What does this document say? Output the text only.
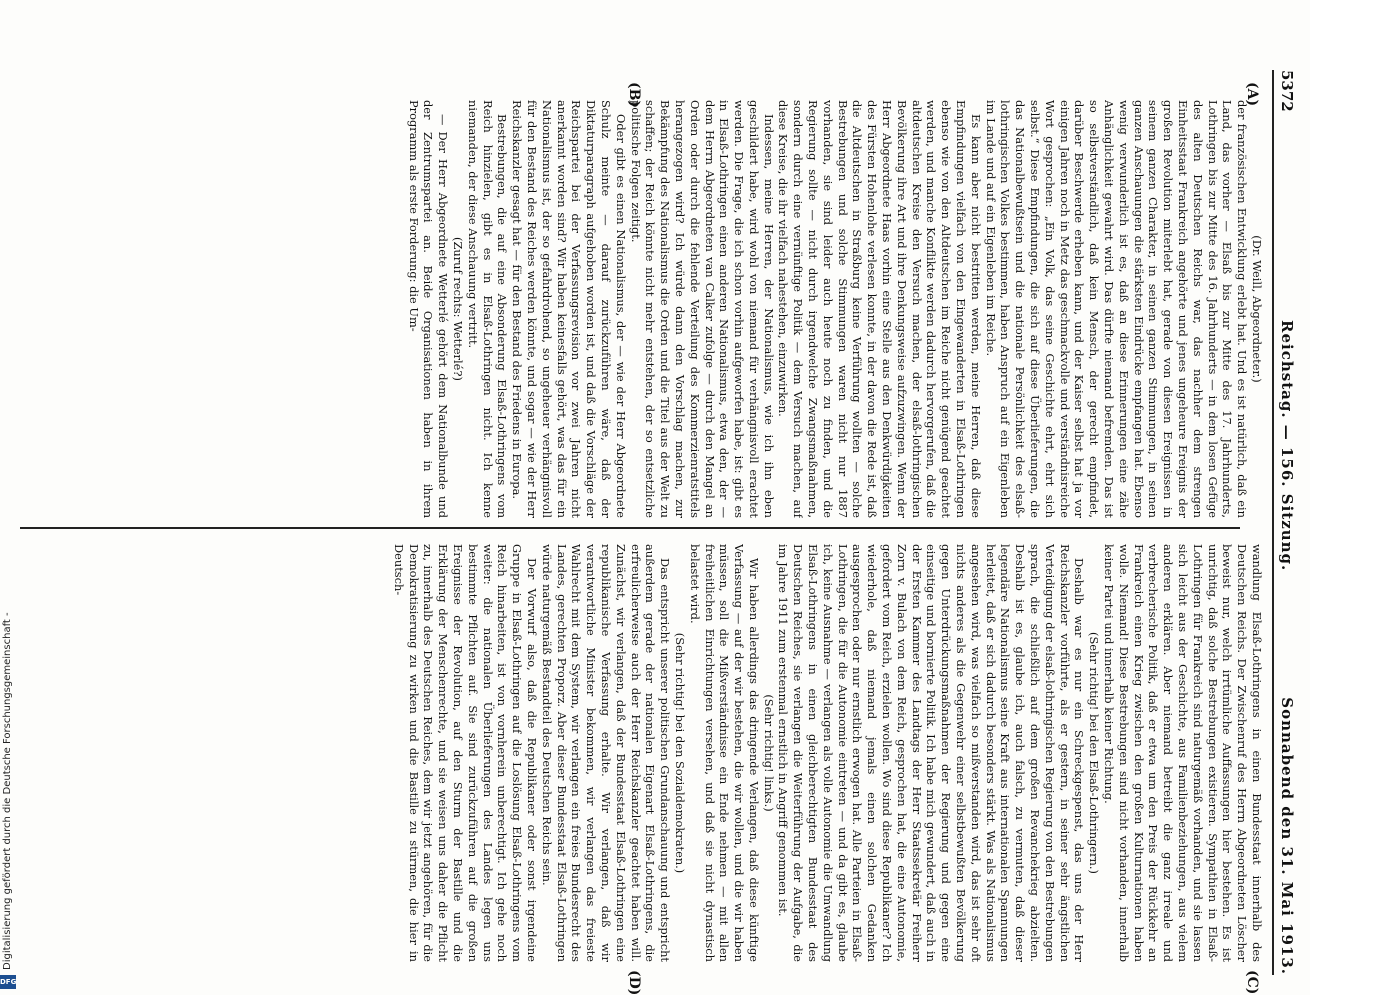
5372
Reichstag. — 156. Sitzung.
Sonnabend den 31. Mai 1913.
(A)
(B)
(C)
(D)

(Dr. Weill, Abgeordneter.)

der französischen Entwicklung erlebt hat. Und es ist natürlich, daß ein Land, das vorher — Elsaß bis zur Mitte des 17. Jahrhunderts, Lothringen bis zur Mitte des 16. Jahrhunderts — in dem losen Gefüge des alten Deutschen Reichs war, das nachher dem strengen Einheitsstaat Frankreich angehörte und jenes ungeheure Ereignis der großen Revolution miterlebt hat, gerade von diesen Ereignissen in seinem ganzen Charakter, in seinen ganzen Stimmungen, in seinen ganzen Anschauungen die stärksten Eindrücke empfangen hat. Ebenso wenig verwunderlich ist es, daß an diese Erinnerungen eine zähe Anhänglichkeit gewahrt wird. Das dürfte niemand befremden. Das ist so selbstverständlich, daß kein Mensch, der gerecht empfindet, darüber Beschwerde erheben kann, und der Kaiser selbst hat ja vor einigen Jahren noch in Metz das geschmackvolle und verständnisreiche Wort gesprochen: „Ein Volk, das seine Geschichte ehrt, ehrt sich selbst.“ Diese Empfindungen, die sich auf diese Überlieferungen, die das Nationalbewußtsein und die nationale Persönlichkeit des elsaß-lothringischen Volkes bestimmen, haben Anspruch auf ein Eigenleben im Lande und auf ein Eigenleben im Reiche.

Es kann aber nicht bestritten werden, meine Herren, daß diese Empfindungen vielfach von den Eingewanderten in Elsaß-Lothringen ebenso wie von den Altdeutschen im Reiche nicht genügend geachtet werden, und manche Konflikte werden dadurch hervorgerufen, daß die altdeutschen Kreise den Versuch machen, der elsaß-lothringischen Bevölkerung ihre Art und ihre Denkungsweise aufzuzwingen. Wenn der Herr Abgeordnete Haas vorhin eine Stelle aus den Denkwürdigkeiten des Fürsten Hohenlohe verlesen konnte, in der davon die Rede ist, daß die Altdeutschen in Straßburg keine Verführung wollten — solche Bestrebungen und solche Stimmungen waren nicht nur 1887 vorhanden, sie sind leider auch heute noch zu finden, und die Regierung sollte — nicht durch irgendwelche Zwangsmaßnahmen, sondern durch eine vernünftige Politik — dem Versuch machen, auf diese Kreise, die ihr vielfach nahestehen, einzuwirken.

Indessen, meine Herren, der Nationalismus, wie ich ihn eben geschildert habe, wird wohl von niemand für verhängnisvoll erachtet werden. Die Frage, die ich schon vorhin aufgeworfen habe, ist: gibt es in Elsaß-Lothringen einen anderen Nationalismus, etwa den, der — dem Herrn Abgeordneten van Calker zufolge — durch den Mangel an Orden oder durch die fehlende Verteilung des Kommerzienratstitels herangezogen wird? Ich würde dann den Vorschlag machen, zur Bekämpfung des Nationalismus die Orden und die Titel aus der Welt zu schaffen; der Reich könnte nicht mehr entstehen, der so entsetzliche politische Folgen zeitigt.

Oder gibt es einen Nationalismus, der — wie der Herr Abgeordnete Schulz meinte — darauf zurückzuführen wäre, daß der Diktaturparagraph aufgehoben worden ist, und daß die Vorschläge der Reichspartei bei der Verfassungsrevision vor zwei Jahren nicht anerkannt worden sind? Wir haben keinesfalls gehört, was das für ein Nationalismus ist, der so gefahrdrohend, so ungeheuer verhängnisvoll für den Bestand des Reiches werden könnte, und sogar — wie der Herr Reichskanzler gesagt hat — für den Bestand des Friedens in Europa.

Bestrebungen, die auf eine Absonderung Elsaß-Lothringens vom Reich hinzielen, gibt es in Elsaß-Lothringen nicht. Ich kenne niemanden, der diese Anschauung vertritt.

(Zuruf rechts: Wetterlé?)

— Der Herr Abgeordnete Wetterlé gehört dem Nationalbunde und der Zentrumspartei an. Beide Organisationen haben in ihrem Programm als erste Forderung: die Um-

wandlung Elsaß-Lothringens in einen Bundesstaat innerhalb des Deutschen Reichs. Der Zwischenruf des Herrn Abgeordneten Löscher beweist nur, welch irrtümliche Auffassungen hier bestehen. Es ist unrichtig, daß solche Bestrebungen existieren. Sympathien in Elsaß-Lothringen für Frankreich sind naturgemäß vorhanden, und sie lassen sich leicht aus der Geschichte, aus Familienbeziehungen, aus vielem anderen erklären. Aber niemand betreibt die ganz irreale und verbrecherische Politik, daß er etwa um den Preis der Rückkehr an Frankreich einen Krieg zwischen den großen Kulturnationen haben wolle. Niemand! Diese Bestrebungen sind nicht vorhanden, innerhalb keiner Partei und innerhalb keiner Richtung.

(Sehr richtig! bei den Elsaß-Lothringern.)

Deshalb war es nur ein Schreckgespenst, das uns der Herr Reichskanzler vorführte, als er gestern, in seiner sehr ängstlichen Verteidigung der elsaß-lothringischen Regierung von den Bestrebungen sprach, die schließlich auf dem großen Revanchekrieg abzielten. Deshalb ist es, glaube ich, auch falsch, zu vermuten, daß dieser legendäre Nationalismus seine Kraft aus internationalen Spannungen herleitet, daß er sich dadurch besonders stärkt. Was als Nationalismus angesehen wird, was vielfach so mißverstanden wird, das ist sehr oft nichts anderes als die Gegenwehr einer selbstbewußten Bevölkerung gegen Unterdrückungsmaßnahmen der Regierung und gegen eine einseitige und bornierte Politik. Ich habe mich gewundert, daß auch in der Ersten Kammer des Landtags der Herr Staatssekretär Freiherr Zorn v. Bulach von dem Reich, gesprochen hat, die eine Autonomie, gefordert vom Reich, erzielen wollen. Wo sind diese Republikaner? Ich wiederhole, daß niemand jemals einen solchen Gedanken ausgesprochen oder nur ernstlich erwogen hat. Alle Parteien in Elsaß-Lothringen, die für die Autonomie eintreten — und da gibt es, glaube ich, keine Ausnahme — verlangen als volle Autonomie die Umwandlung Elsaß-Lothringens in einen gleichberechtigten Bundesstaat des Deutschen Reiches, sie verlangen die Weiterführung der Aufgabe, die im Jahre 1911 zum erstenmal ernstlich in Angriff genommen ist.

(Sehr richtig! links.)

Wir haben allerdings das dringende Verlangen, daß diese künftige Verfassung — auf der wir bestehen, die wir wollen, und die wir haben müssen, soll die Mißverständnisse ein Ende nehmen — mit allen freiheitlichen Einrichtungen versehen, und daß sie nicht dynastisch belastet wird.

(Sehr richtig! bei den Sozialdemokraten.)

Das entspricht unserer politischen Grundanschauung und entspricht außerdem gerade der nationalen Eigenart Elsaß-Lothringens, die erfreulicherweise auch der Herr Reichskanzler geachtet haben will. Zunächst, wir verlangen, daß der Bundesstaat Elsaß-Lothringen eine republikanische Verfassung erhalte. Wir verlangen, daß wir verantwortliche Minister bekommen, wir verlangen das freieste Wahlrecht mit dem System, wir verlangen ein freies Bundesrecht des Landes, gerechten Proporz. Aber dieser Bundesstaat Elsaß-Lothringen würde naturgemäß Bestandteil des Deutschen Reichs sein.

Der Vorwurf also, daß die Republikaner oder sonst irgendeine Gruppe in Elsaß-Lothringen auf die Loslösung Elsaß-Lothringens vom Reich hinarbeiten, ist von vornherein unberechtigt. Ich gehe noch weiter: die nationalen Überlieferungen des Landes legen uns bestimmte Pflichten auf. Sie sind zurückzuführen auf die großen Ereignisse der Revolution, auf den Sturm der Bastille und die Erklärung der Menschenrechte, und sie weisen uns daher die Pflicht zu, innerhalb des Deutschen Reiches, dem wir jetzt angehören, für die Demokratisierung zu wirken und die Bastille zu stürmen, die hier in Deutsch-

Digitalisierung gefördert durch die Deutsche Forschungsgemeinschaft -
DFG
